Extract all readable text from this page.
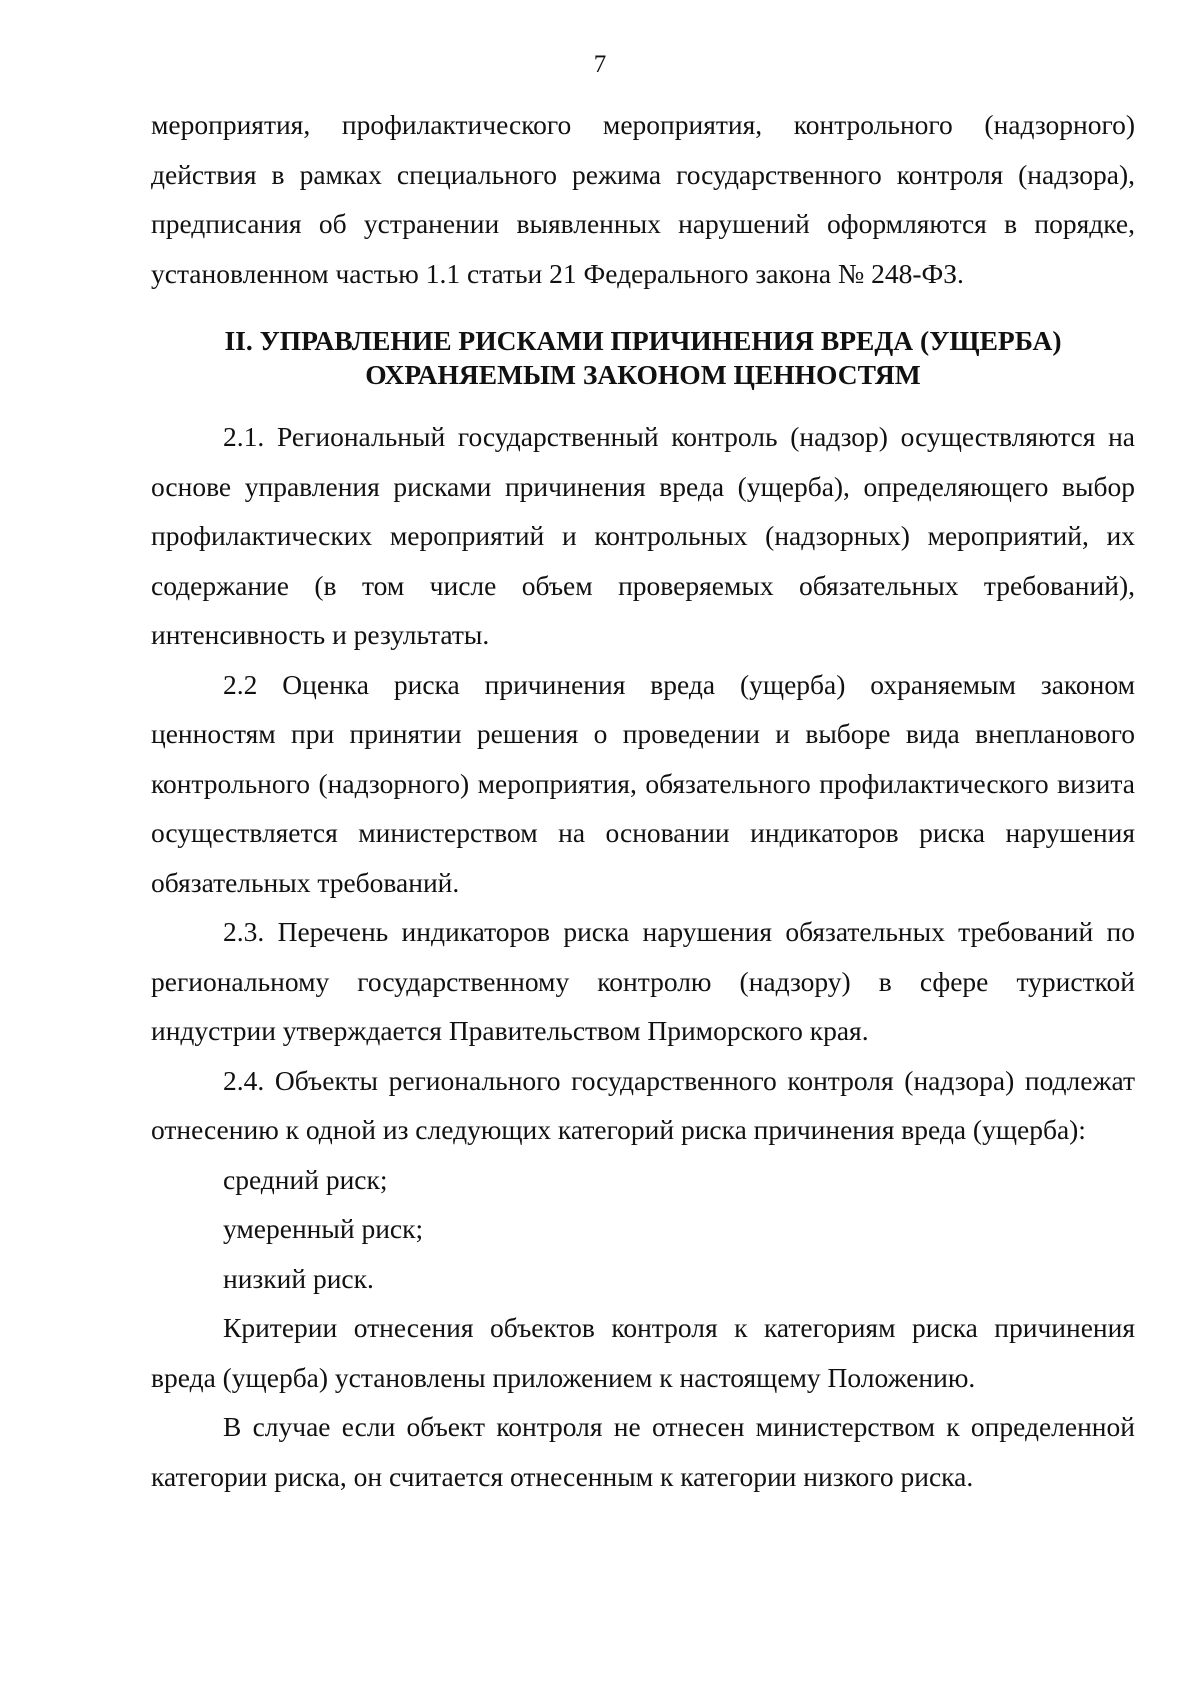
7

мероприятия, профилактического мероприятия, контрольного (надзорного) действия в рамках специального режима государственного контроля (надзора), предписания об устранении выявленных нарушений оформляются в порядке, установленном частью 1.1 статьи 21 Федерального закона № 248-ФЗ.

II. УПРАВЛЕНИЕ РИСКАМИ ПРИЧИНЕНИЯ ВРЕДА (УЩЕРБА)
ОХРАНЯЕМЫМ ЗАКОНОМ ЦЕННОСТЯМ

2.1. Региональный государственный контроль (надзор) осуществляются на основе управления рисками причинения вреда (ущерба), определяющего выбор профилактических мероприятий и контрольных (надзорных) мероприятий, их содержание (в том числе объем проверяемых обязательных требований), интенсивность и результаты.

2.2 Оценка риска причинения вреда (ущерба) охраняемым законом ценностям при принятии решения о проведении и выборе вида внепланового контрольного (надзорного) мероприятия, обязательного профилактического визита осуществляется министерством на основании индикаторов риска нарушения обязательных требований.

2.3. Перечень индикаторов риска нарушения обязательных требований по региональному государственному контролю (надзору) в сфере туристкой индустрии утверждается Правительством Приморского края.

2.4. Объекты регионального государственного контроля (надзора) подлежат отнесению к одной из следующих категорий риска причинения вреда (ущерба):

средний риск;

умеренный риск;

низкий риск.

Критерии отнесения объектов контроля к категориям риска причинения вреда (ущерба) установлены приложением к настоящему Положению.

В случае если объект контроля не отнесен министерством к определенной категории риска, он считается отнесенным к категории низкого риска.
